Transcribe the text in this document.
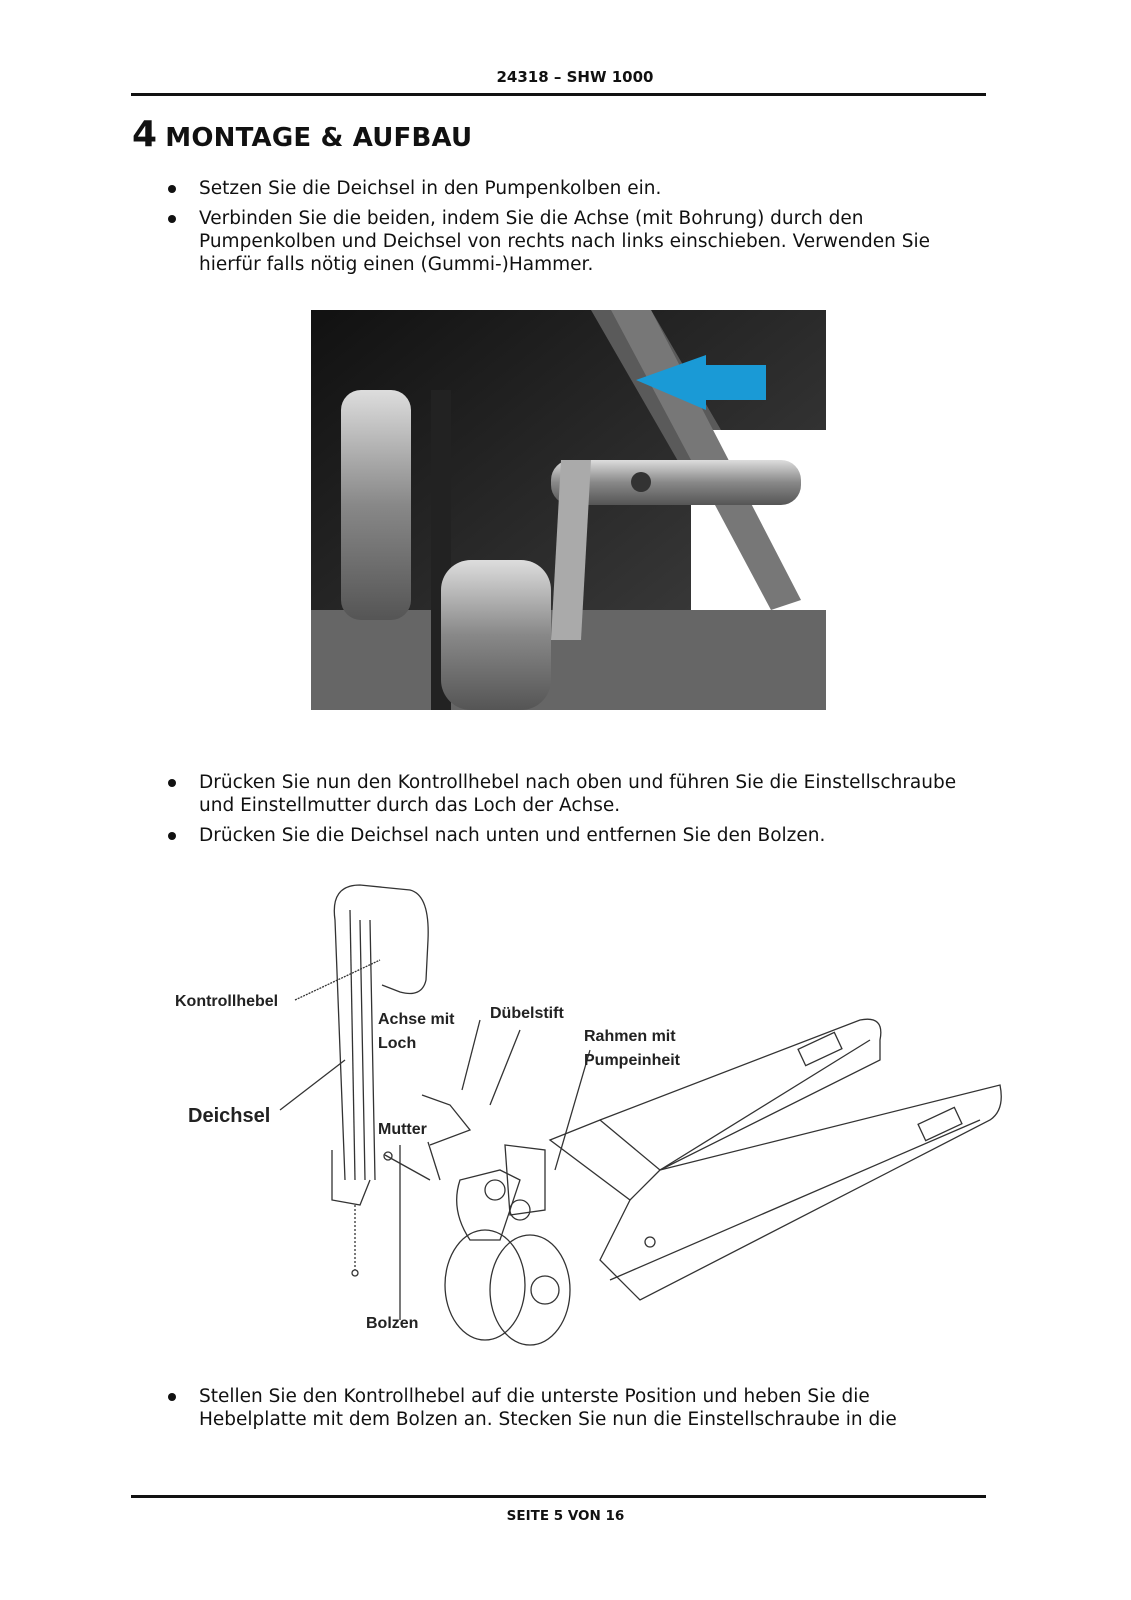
24318 – SHW 1000
4 MONTAGE & AUFBAU
Setzen Sie die Deichsel in den Pumpenkolben ein.
Verbinden Sie die beiden, indem Sie die Achse (mit Bohrung) durch den Pumpenkolben und Deichsel von rechts nach links einschieben. Verwenden Sie hierfür falls nötig einen (Gummi-)Hammer.
Drücken Sie nun den Kontrollhebel nach oben und führen Sie die Einstellschraube und Einstellmutter durch das Loch der Achse.
Drücken Sie die Deichsel nach unten und entfernen Sie den Bolzen.
Kontrollhebel
Achse mit Loch
Dübelstift
Rahmen mit Pumpeinheit
Deichsel
Mutter
Bolzen
Stellen Sie den Kontrollhebel auf die unterste Position und heben Sie die Hebelplatte mit dem Bolzen an. Stecken Sie nun die Einstellschraube in die
SEITE 5 VON 16
